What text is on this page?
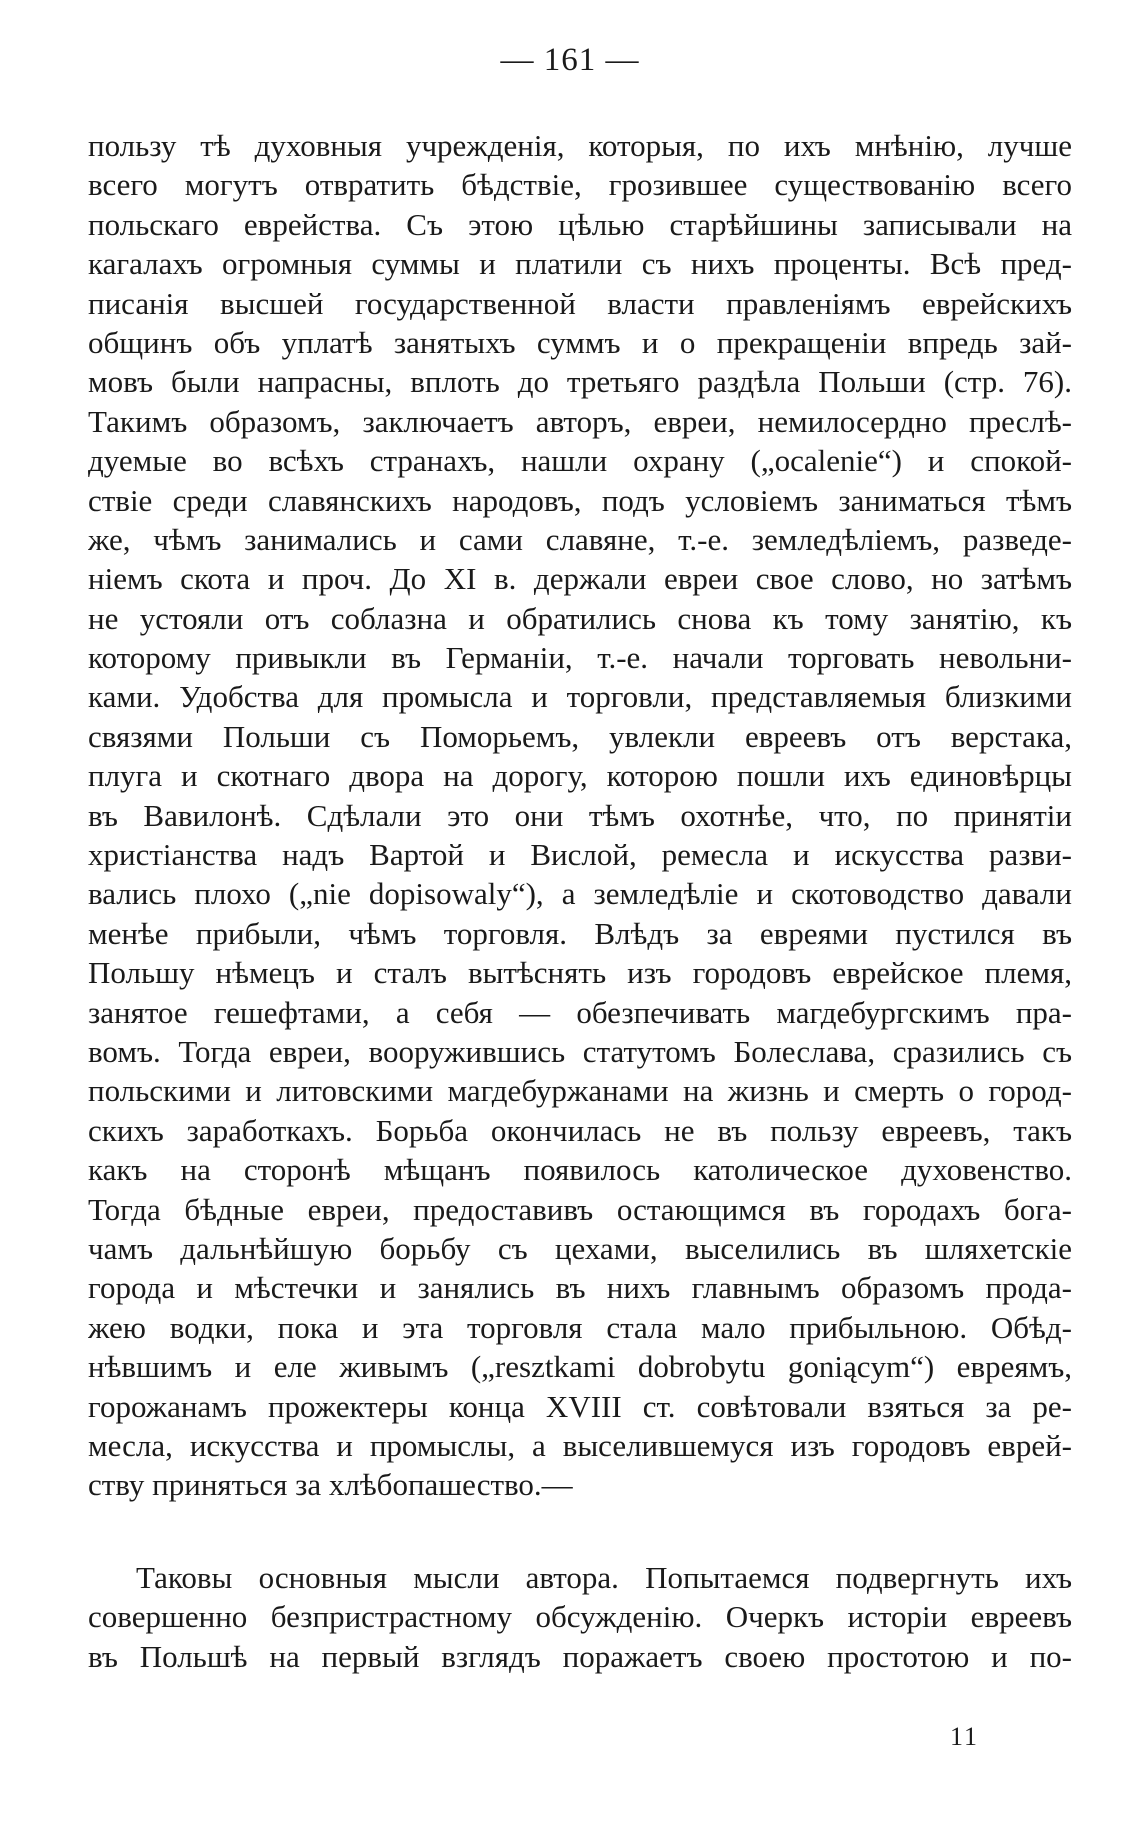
— 161 —
пользу тѣ духовныя учрежденія, которыя, по ихъ мнѣнію, лучше
всего могутъ отвратить бѣдствіе, грозившее существованію всего
польскаго еврейства. Съ этою цѣлью старѣйшины записывали на
кагалахъ огромныя суммы и платили съ нихъ проценты. Всѣ пред-
писанія высшей государственной власти правленіямъ еврейскихъ
общинъ объ уплатѣ занятыхъ суммъ и о прекращеніи впредь зай-
мовъ были напрасны, вплоть до третьяго раздѣла Польши (стр. 76).
Такимъ образомъ, заключаетъ авторъ, евреи, немилосердно преслѣ-
дуемые во всѣхъ странахъ, нашли охрану („ocalenie“) и спокой-
ствіе среди славянскихъ народовъ, подъ условіемъ заниматься тѣмъ
же, чѣмъ занимались и сами славяне, т.-е. земледѣліемъ, разведе-
ніемъ скота и проч. До XI в. держали евреи свое слово, но затѣмъ
не устояли отъ соблазна и обратились снова къ тому занятію, къ
которому привыкли въ Германіи, т.-е. начали торговать невольни-
ками. Удобства для промысла и торговли, представляемыя близкими
связями Польши съ Поморьемъ, увлекли евреевъ отъ верстака,
плуга и скотнаго двора на дорогу, которою пошли ихъ единовѣрцы
въ Вавилонѣ. Сдѣлали это они тѣмъ охотнѣе, что, по принятіи
христіанства надъ Вартой и Вислой, ремесла и искусства разви-
вались плохо („nie dopisowaly“), а земледѣліе и скотоводство давали
менѣе прибыли, чѣмъ торговля. Влѣдъ за евреями пустился въ
Польшу нѣмецъ и сталъ вытѣснять изъ городовъ еврейское племя,
занятое гешефтами, а себя — обезпечивать магдебургскимъ пра-
вомъ. Тогда евреи, вооружившись статутомъ Болеслава, сразились съ
польскими и литовскими магдебуржанами на жизнь и смерть о город-
скихъ заработкахъ. Борьба окончилась не въ пользу евреевъ, такъ
какъ на сторонѣ мѣщанъ появилось католическое духовенство.
Тогда бѣдные евреи, предоставивъ остающимся въ городахъ бога-
чамъ дальнѣйшую борьбу съ цехами, выселились въ шляхетскіе
города и мѣстечки и занялись въ нихъ главнымъ образомъ прода-
жею водки, пока и эта торговля стала мало прибыльною. Обѣд-
нѣвшимъ и еле живымъ („resztkami dobrobytu goniącym“) евреямъ,
горожанамъ прожектеры конца XVIII ст. совѣтовали взяться за ре-
месла, искусства и промыслы, а выселившемуся изъ городовъ еврей-
ству приняться за хлѣбопашество.—
Таковы основныя мысли автора. Попытаемся подвергнуть ихъ
совершенно безпристрастному обсужденію. Очеркъ исторіи евреевъ
въ Польшѣ на первый взглядъ поражаетъ своею простотою и по-
11
